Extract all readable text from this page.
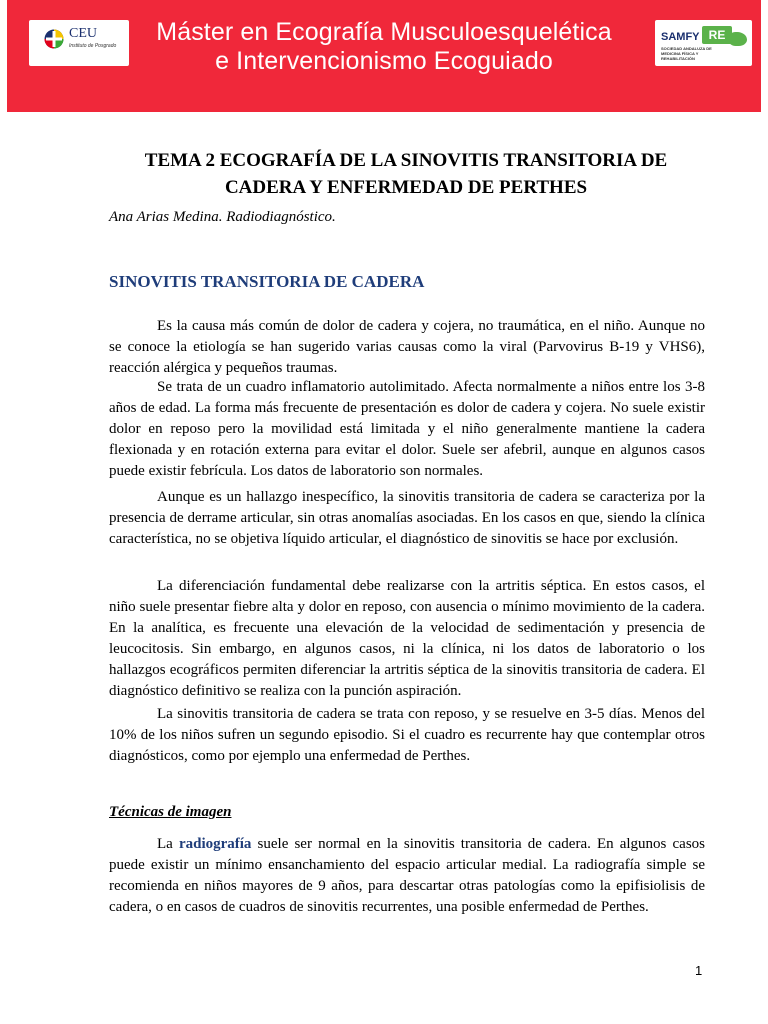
CEU
Instituto de Posgrado	Máster en Ecografía Musculoesquelética
e Intervencionismo Ecoguiado
SAMFY RE
SOCIEDAD ANDALUZA DE MEDICINA FÍSICA Y REHABILITACIÓN
TEMA 2 ECOGRAFÍA DE LA SINOVITIS TRANSITORIA DE
CADERA Y ENFERMEDAD DE PERTHES
Ana Arias Medina. Radiodiagnóstico.
SINOVITIS TRANSITORIA DE CADERA

Es la causa más común de dolor de cadera y cojera, no traumática, en el niño. Aunque no se conoce la etiología se han sugerido varias causas como la viral (Parvovirus B-19 y VHS6), reacción alérgica y pequeños traumas.

Se trata de un cuadro inflamatorio autolimitado. Afecta normalmente a niños entre los 3-8 años de edad. La forma más frecuente de presentación es dolor de cadera y cojera. No suele existir dolor en reposo pero la movilidad está limitada y el niño generalmente mantiene la cadera flexionada y en rotación externa para evitar el dolor. Suele ser afebril, aunque en algunos casos puede existir febrícula. Los datos de laboratorio son normales.

Aunque es un hallazgo inespecífico, la sinovitis transitoria de cadera se caracteriza por la presencia de derrame articular, sin otras anomalías asociadas. En los casos en que, siendo la clínica característica, no se objetiva líquido articular, el diagnóstico de sinovitis se hace por exclusión.

La diferenciación fundamental debe realizarse con la artritis séptica. En estos casos, el niño suele presentar fiebre alta y dolor en reposo, con ausencia o mínimo movimiento de la cadera. En la analítica, es frecuente una elevación de la velocidad de sedimentación y presencia de leucocitosis. Sin embargo, en algunos casos, ni la clínica, ni los datos de laboratorio o los hallazgos ecográficos permiten diferenciar la artritis séptica de la sinovitis transitoria de cadera. El diagnóstico definitivo se realiza con la punción aspiración.

La sinovitis transitoria de cadera se trata con reposo, y se resuelve en 3-5 días. Menos del 10% de los niños sufren un segundo episodio. Si el cuadro es recurrente hay que contemplar otros diagnósticos, como por ejemplo una enfermedad de Perthes.

Técnicas de imagen

La radiografía suele ser normal en la sinovitis transitoria de cadera. En algunos casos puede existir un mínimo ensanchamiento del espacio articular medial. La radiografía simple se recomienda en niños mayores de 9 años, para descartar otras patologías como la epifisiolisis de cadera, o en casos de cuadros de sinovitis recurrentes, una posible enfermedad de Perthes.

1
